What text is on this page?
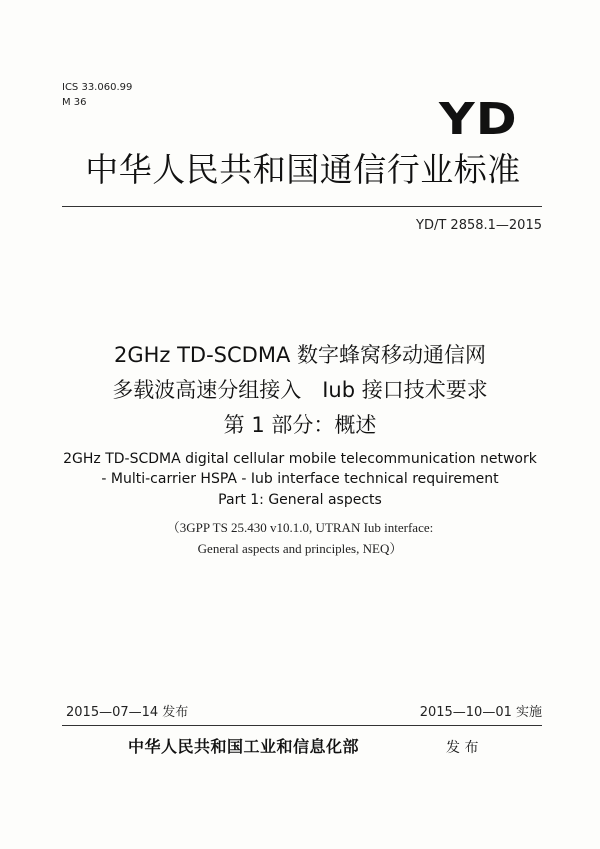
ICS 33.060.99
M 36	YD
中华人民共和国通信行业标准
YD/T 2858.1—2015
2GHz TD-SCDMA 数字蜂窝移动通信网
多载波高速分组接入　Iub 接口技术要求
第 1 部分：概述
2GHz TD-SCDMA digital cellular mobile telecommunication network
- Multi-carrier HSPA - Iub interface technical requirement
Part 1: General aspects
（3GPP TS 25.430 v10.1.0, UTRAN Iub interface:
General aspects and principles, NEQ）
2015—07—14 发布	2015—10—01 实施
中华人民共和国工业和信息化部	发 布
